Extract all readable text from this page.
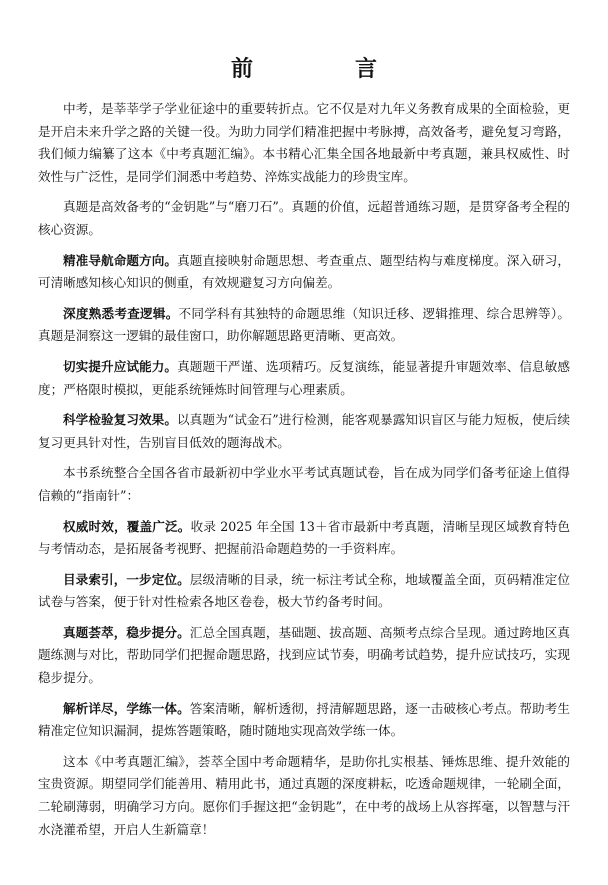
前　言

中考，是莘莘学子学业征途中的重要转折点。它不仅是对九年义务教育成果的全面检验，更是开启未来升学之路的关键一役。为助力同学们精准把握中考脉搏，高效备考，避免复习弯路，我们倾力编纂了这本《中考真题汇编》。本书精心汇集全国各地最新中考真题，兼具权威性、时效性与广泛性，是同学们洞悉中考趋势、淬炼实战能力的珍贵宝库。

真题是高效备考的“金钥匙”与“磨刀石”。真题的价值，远超普通练习题，是贯穿备考全程的核心资源。

精准导航命题方向。真题直接映射命题思想、考查重点、题型结构与难度梯度。深入研习，可清晰感知核心知识的侧重，有效规避复习方向偏差。

深度熟悉考查逻辑。不同学科有其独特的命题思维（知识迁移、逻辑推理、综合思辨等）。真题是洞察这一逻辑的最佳窗口，助你解题思路更清晰、更高效。

切实提升应试能力。真题题干严谨、选项精巧。反复演练，能显著提升审题效率、信息敏感度；严格限时模拟，更能系统锤炼时间管理与心理素质。

科学检验复习效果。以真题为“试金石”进行检测，能客观暴露知识盲区与能力短板，使后续复习更具针对性，告别盲目低效的题海战术。

本书系统整合全国各省市最新初中学业水平考试真题试卷，旨在成为同学们备考征途上值得信赖的“指南针”：

权威时效，覆盖广泛。收录 2025 年全国 13＋省市最新中考真题，清晰呈现区域教育特色与考情动态，是拓展备考视野、把握前沿命题趋势的一手资料库。

目录索引，一步定位。层级清晰的目录，统一标注考试全称，地域覆盖全面，页码精准定位试卷与答案，便于针对性检索各地区卷卷，极大节约备考时间。

真题荟萃，稳步提分。汇总全国真题，基础题、拔高题、高频考点综合呈现。通过跨地区真题练测与对比，帮助同学们把握命题思路，找到应试节奏，明确考试趋势，提升应试技巧，实现稳步提分。

解析详尽，学练一体。答案清晰，解析透彻，捋清解题思路，逐一击破核心考点。帮助考生精准定位知识漏洞，提炼答题策略，随时随地实现高效学练一体。

这本《中考真题汇编》，荟萃全国中考命题精华，是助你扎实根基、锤炼思维、提升效能的宝贵资源。期望同学们能善用、精用此书，通过真题的深度耕耘，吃透命题规律，一轮刷全面，二轮刷薄弱，明确学习方向。愿你们手握这把“金钥匙”，在中考的战场上从容挥毫，以智慧与汗水浇灌希望，开启人生新篇章！
